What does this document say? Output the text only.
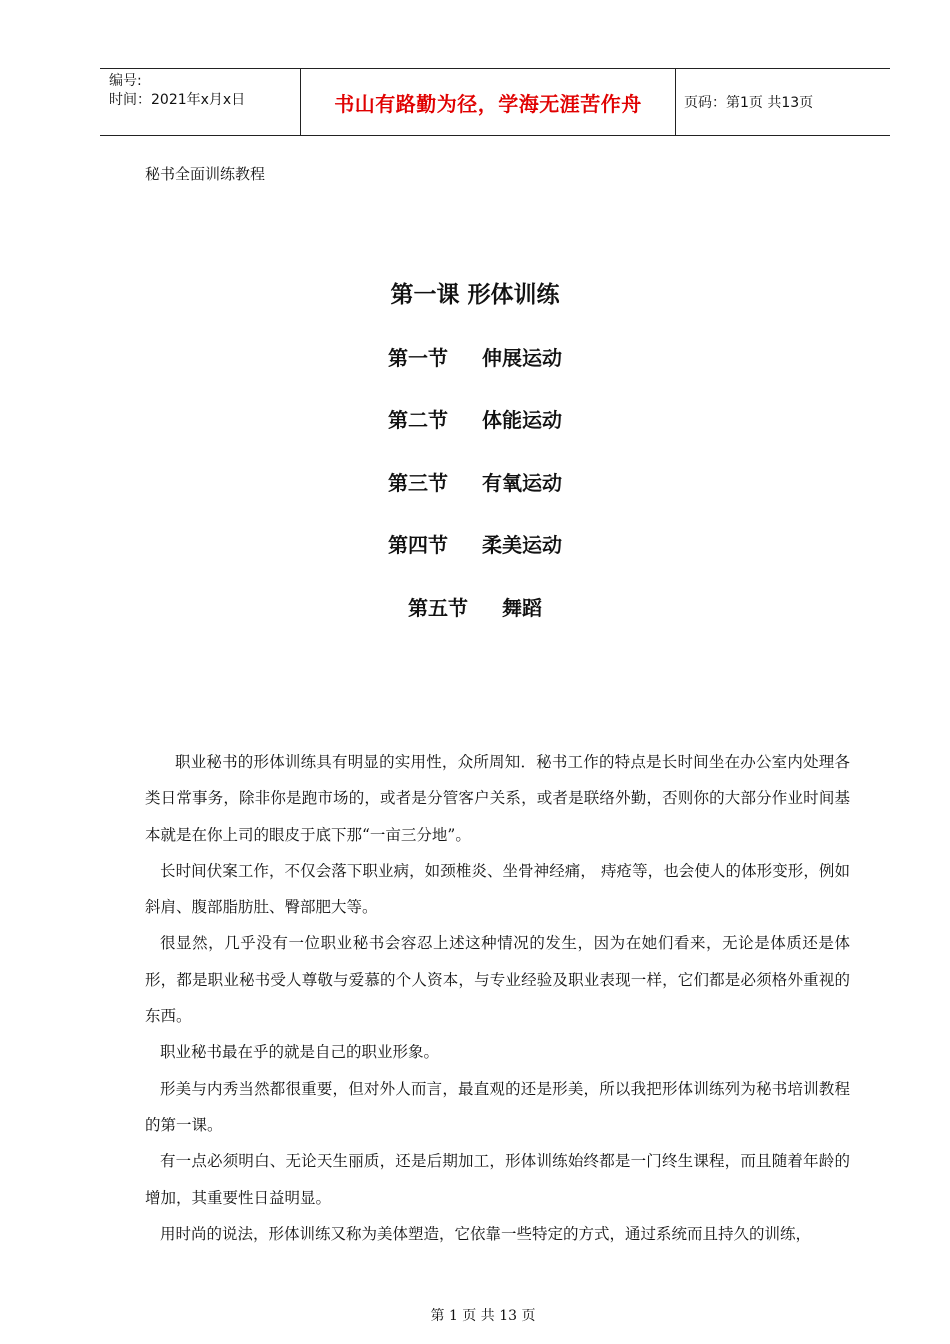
编号:
时间：2021年x月x日	书山有路勤为径，学海无涯苦作舟	页码：第1页 共13页
秘书全面训练教程
第一课 形体训练
第一节 伸展运动
第二节 体能运动
第三节 有氧运动
第四节 柔美运动
第五节 舞蹈

职业秘书的形体训练具有明显的实用性，众所周知．秘书工作的特点是长时间坐在办公室内处理各类日常事务，除非你是跑市场的，或者是分管客户关系，或者是联络外勤，否则你的大部分作业时间基本就是在你上司的眼皮于底下那“一亩三分地”。

长时间伏案工作，不仅会落下职业病，如颈椎炎、坐骨神经痛， 痔疮等，也会使人的体形变形，例如斜肩、腹部脂肪肚、臀部肥大等。

很显然，几乎没有一位职业秘书会容忍上述这种情况的发生，因为在她们看来，无论是体质还是体形，都是职业秘书受人尊敬与爱慕的个人资本，与专业经验及职业表现一样，它们都是必须格外重视的东西。

职业秘书最在乎的就是自己的职业形象。

形美与内秀当然都很重要，但对外人而言，最直观的还是形美，所以我把形体训练列为秘书培训教程的第一课。

有一点必须明白、无论天生丽质，还是后期加工，形体训练始终都是一门终生课程，而且随着年龄的增加，其重要性日益明显。

用时尚的说法，形体训练又称为美体塑造，它依靠一些特定的方式，通过系统而且持久的训练，

第 1 页 共 13 页
